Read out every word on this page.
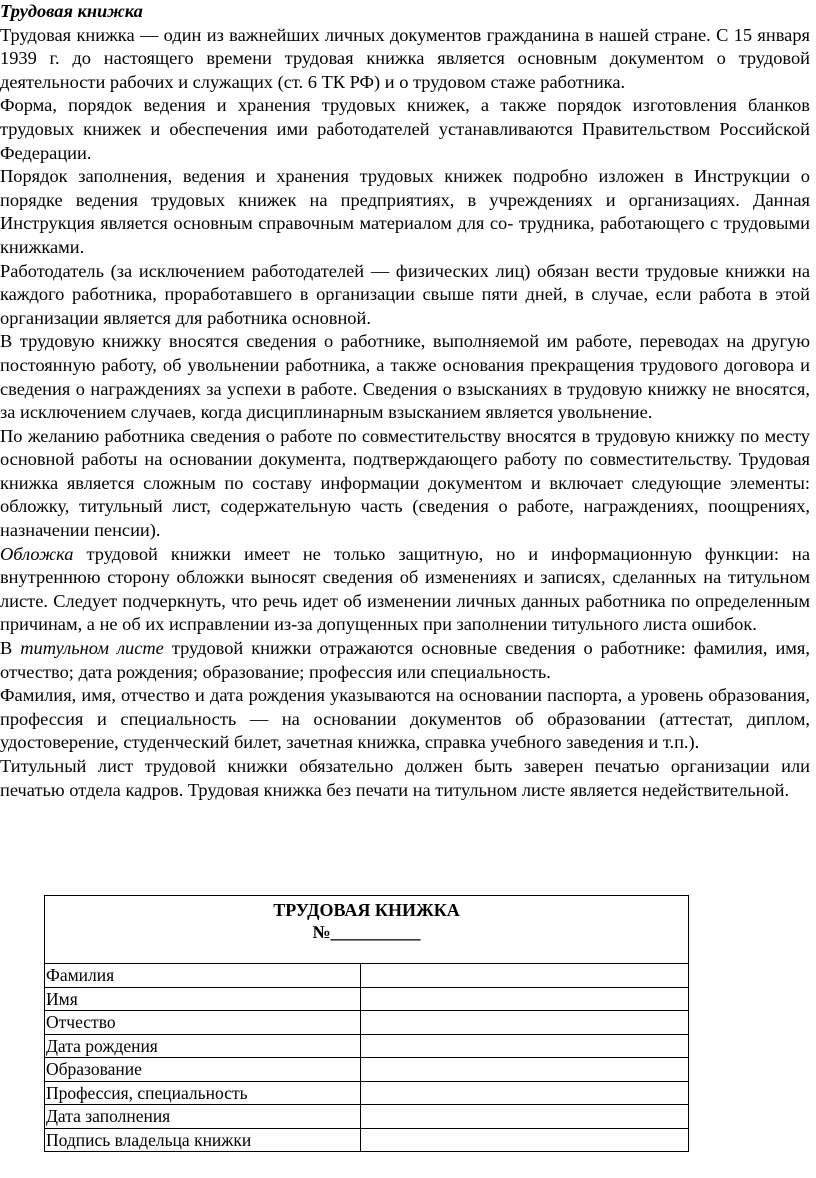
Трудовая книжка

Трудовая книжка — один из важнейших личных документов гражданина в нашей стране. С 15 января 1939 г. до настоящего времени трудовая книжка является основным документом о трудовой деятельности рабочих и служащих (ст. 6 ТК РФ) и о трудовом стаже работника.

Форма, порядок ведения и хранения трудовых книжек, а также порядок изготовления бланков трудовых книжек и обеспечения ими работодателей устанавливаются Правительством Российской Федерации.

Порядок заполнения, ведения и хранения трудовых книжек подробно изложен в Инструкции о порядке ведения трудовых книжек на предприятиях, в учреждениях и организациях. Данная Инструкция является основным справочным материалом для со- трудника, работающего с трудовыми книжками.

Работодатель (за исключением работодателей — физических лиц) обязан вести трудовые книжки на каждого работника, проработавшего в организации свыше пяти дней, в случае, если работа в этой организации является для работника основной.

В трудовую книжку вносятся сведения о работнике, выполняемой им работе, переводах на другую постоянную работу, об увольнении работника, а также основания прекращения трудового договора и сведения о награждениях за успехи в работе. Сведения о взысканиях в трудовую книжку не вносятся, за исключением случаев, когда дисциплинарным взысканием является увольнение.

По желанию работника сведения о работе по совместительству вносятся в трудовую книжку по месту основной работы на основании документа, подтверждающего работу по совместительству. Трудовая книжка является сложным по составу информации документом и включает следующие элементы: обложку, титульный лист, содержательную часть (сведения о работе, награждениях, поощрениях, назначении пенсии).

Обложка трудовой книжки имеет не только защитную, но и информационную функции: на внутреннюю сторону обложки выносят сведения об изменениях и записях, сделанных на титульном листе. Следует подчеркнуть, что речь идет об изменении личных данных работника по определенным причинам, а не об их исправлении из-за допущенных при заполнении титульного листа ошибок.

В титульном листе трудовой книжки отражаются основные сведения о работнике: фамилия, имя, отчество; дата рождения; образование; профессия или специальность.

Фамилия, имя, отчество и дата рождения указываются на основании паспорта, а уровень образования, профессия и специальность — на основании документов об образовании (аттестат, диплом, удостоверение, студенческий билет, зачетная книжка, справка учебного заведения и т.п.).

Титульный лист трудовой книжки обязательно должен быть заверен печатью организации или печатью отдела кадров. Трудовая книжка без печати на титульном листе является недействительной.

ТРУДОВАЯ КНИЖКА
№__________
Фамилия
Имя
Отчество
Дата рождения
Образование
Профессия, специальность
Дата заполнения
Подпись владельца книжки
